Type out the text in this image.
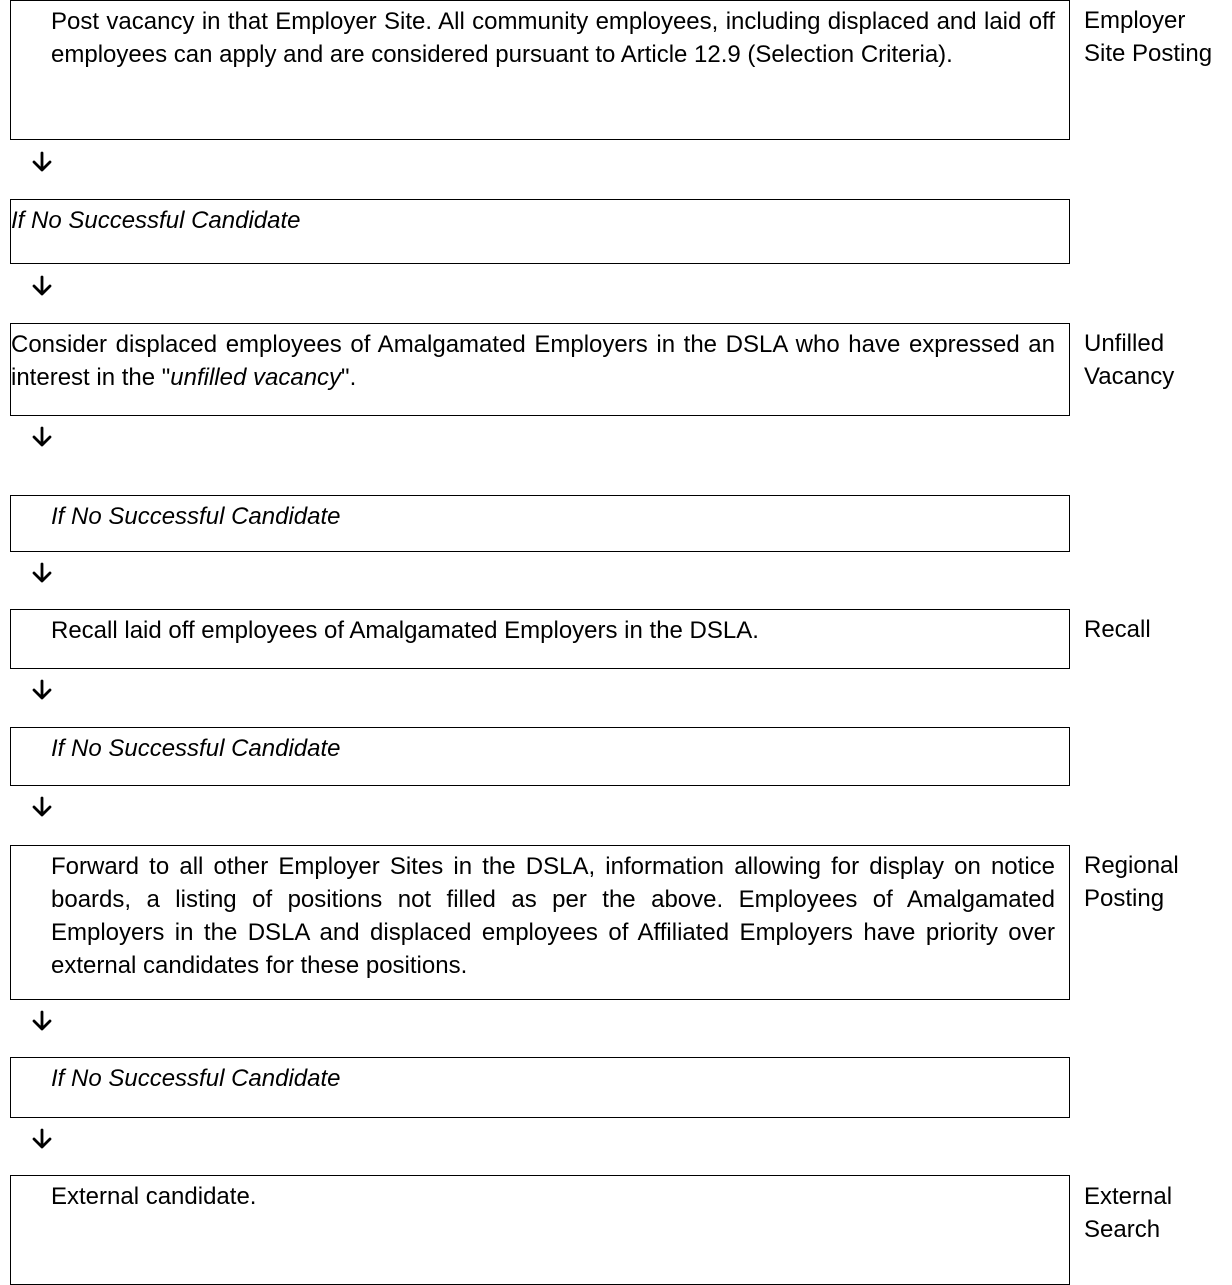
Post vacancy in that Employer Site. All community employees, including displaced and laid off employees can apply and are considered pursuant to Article 12.9 (Selection Criteria).
Employer
Site Posting
If No Successful Candidate
Consider displaced employees of Amalgamated Employers in the DSLA who have expressed an interest in the "unfilled vacancy".
Unfilled
Vacancy
If No Successful Candidate
Recall laid off employees of Amalgamated Employers in the DSLA.	Recall
If No Successful Candidate
Forward to all other Employer Sites in the DSLA, information allowing for display on notice boards, a listing of positions not filled as per the above. Employees of Amalgamated Employers in the DSLA and displaced employees of Affiliated Employers have priority over external candidates for these positions.
Regional
Posting
If No Successful Candidate
External candidate.	External
Search
